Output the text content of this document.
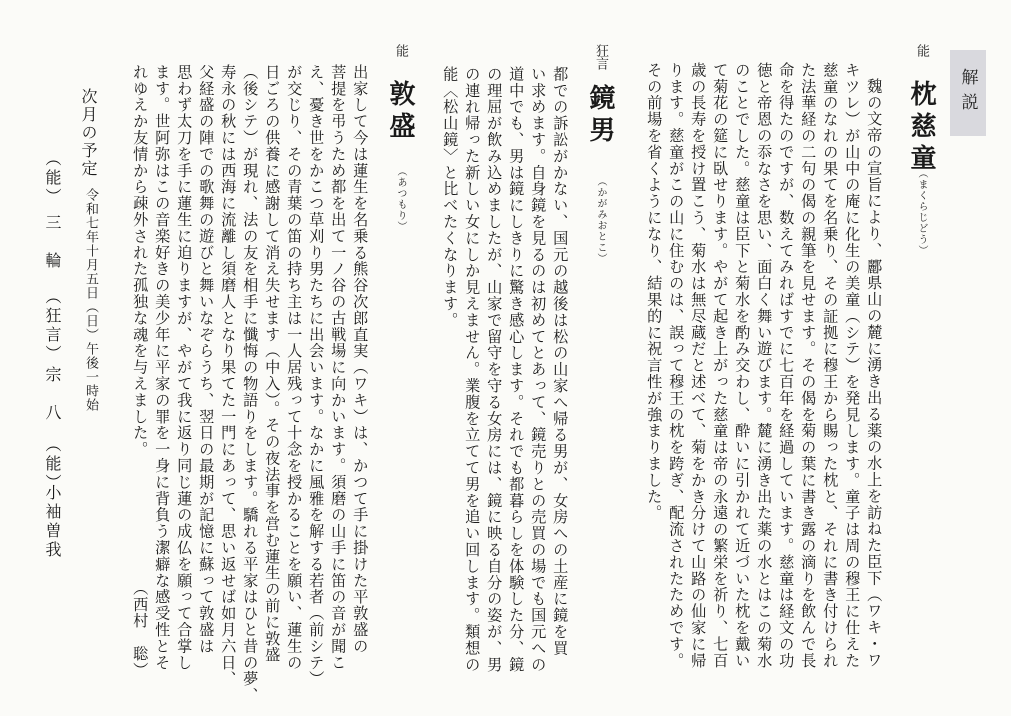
解説
能
枕慈童
（まくらじどう）
魏の文帝の宣旨により、酈県山の麓に湧き出る薬の水上を訪ねた臣下（ワキ・ワ
キツレ）が山中の庵に化生の美童（シテ）を発見します。童子は周の穆王に仕えた
慈童のなれの果てを名乗り、その証拠に穆王から賜った枕と、それに書き付けられ
た法華経の二句の偈の親筆を見せます。その偈を菊の葉に書き露の滴りを飲んで長
命を得たのですが、数えてみればすでに七百年を経過しています。慈童は経文の功
徳と帝恩の忝なさを思い、面白く舞い遊びます。麓に湧き出た薬の水とはこの菊水
のことでした。慈童は臣下と菊水を酌み交わし、酔いに引かれて近づいた枕を戴い
て菊花の筵に臥せります。やがて起き上がった慈童は帝の永遠の繁栄を祈り、七百
歳の長寿を授け置こう、菊水は無尽蔵だと述べて、菊をかき分けて山路の仙家に帰
ります。慈童がこの山に住むのは、誤って穆王の枕を跨ぎ、配流されたためです。
その前場を省くようになり、結果的に祝言性が強まりました。
狂言
鏡男
（かがみおとこ）
都での訴訟がかない、国元の越後は松の山家へ帰る男が、女房への土産に鏡を買
い求めます。自身鏡を見るのは初めてとあって、鏡売りとの売買の場でも国元への
道中でも、男は鏡にしきりに驚き感心します。それでも都暮らしを体験した分、鏡
の理屈が飲み込めましたが、山家で留守を守る女房には、鏡に映る自分の姿が、男
の連れ帰った新しい女にしか見えません。業腹を立てて男を追い回します。類想の
能〈松山鏡〉と比べたくなります。
能
敦盛
（あつもり）
出家して今は蓮生を名乗る熊谷次郎直実（ワキ）は、かつて手に掛けた平敦盛の
菩提を弔うため都を出て一ノ谷の古戦場に向かいます。須磨の山手に笛の音が聞こ
え、憂き世をかこつ草刈り男たちに出会います。なかに風雅を解する若者（前シテ）
が交じり、その青葉の笛の持ち主は一人居残って十念を授かることを願い、蓮生の
日ごろの供養に感謝して消え失せます（中入）。その夜法事を営む蓮生の前に敦盛
（後シテ）が現れ、法の友を相手に懺悔の物語りをします。驕れる平家はひと昔の夢、
寿永の秋には西海に流離し須磨人となり果てた一門にあって、思い返せば如月六日、
父経盛の陣での歌舞の遊びと舞いなぞらうち、翌日の最期が記憶に蘇って敦盛は
思わず太刀を手に蓮生に迫りますが、やがて我に返り同じ蓮の成仏を願って合掌し
ます。世阿弥はこの音楽好きの美少年に平家の罪を一身に背負う潔癖な感受性とそ
れゆえか友情から疎外された孤独な魂を与えました。
（西村　聡）
次月の予定
令和七年十月五日（日）午後一時始
（能）
三　輪
（狂言）
宗　八
（能）
小袖曽我
